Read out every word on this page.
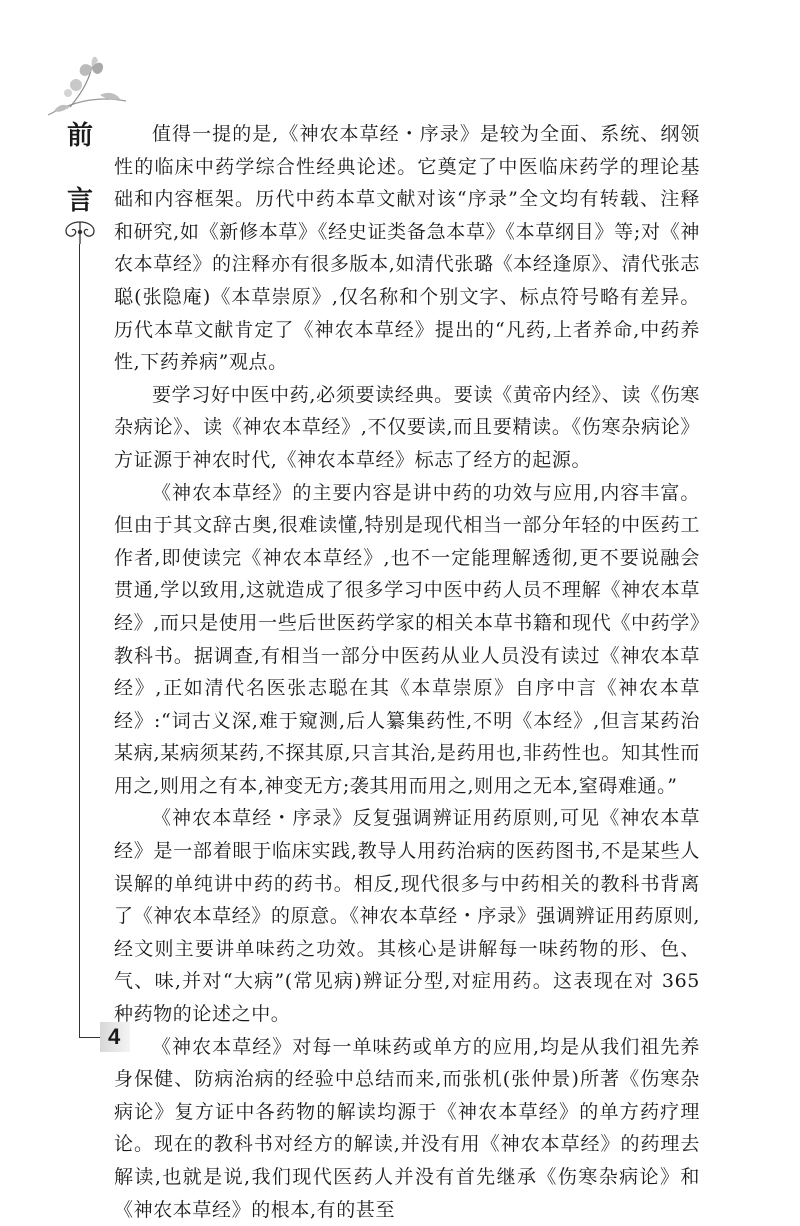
前
言
4

值得一提的是,《神农本草经・序录》是较为全面、系统、纲领性的临床中药学综合性经典论述。它奠定了中医临床药学的理论基础和内容框架。历代中药本草文献对该“序录”全文均有转载、注释和研究,如《新修本草》《经史证类备急本草》《本草纲目》等;对《神农本草经》的注释亦有很多版本,如清代张璐《本经逢原》、清代张志聪(张隐庵)《本草崇原》,仅名称和个别文字、标点符号略有差异。历代本草文献肯定了《神农本草经》提出的“凡药,上者养命,中药养性,下药养病”观点。

要学习好中医中药,必须要读经典。要读《黄帝内经》、读《伤寒杂病论》、读《神农本草经》,不仅要读,而且要精读。《伤寒杂病论》方证源于神农时代,《神农本草经》标志了经方的起源。

《神农本草经》的主要内容是讲中药的功效与应用,内容丰富。但由于其文辞古奥,很难读懂,特别是现代相当一部分年轻的中医药工作者,即使读完《神农本草经》,也不一定能理解透彻,更不要说融会贯通,学以致用,这就造成了很多学习中医中药人员不理解《神农本草经》,而只是使用一些后世医药学家的相关本草书籍和现代《中药学》教科书。据调查,有相当一部分中医药从业人员没有读过《神农本草经》,正如清代名医张志聪在其《本草崇原》自序中言《神农本草经》:“词古义深,难于窥测,后人纂集药性,不明《本经》,但言某药治某病,某病须某药,不探其原,只言其治,是药用也,非药性也。知其性而用之,则用之有本,神变无方;袭其用而用之,则用之无本,窒碍难通。”

《神农本草经・序录》反复强调辨证用药原则,可见《神农本草经》是一部着眼于临床实践,教导人用药治病的医药图书,不是某些人误解的单纯讲中药的药书。相反,现代很多与中药相关的教科书背离了《神农本草经》的原意。《神农本草经・序录》强调辨证用药原则,经文则主要讲单味药之功效。其核心是讲解每一味药物的形、色、气、味,并对“大病”(常见病)辨证分型,对症用药。这表现在对 365 种药物的论述之中。

《神农本草经》对每一单味药或单方的应用,均是从我们祖先养身保健、防病治病的经验中总结而来,而张机(张仲景)所著《伤寒杂病论》复方证中各药物的解读均源于《神农本草经》的单方药疗理论。现在的教科书对经方的解读,并没有用《神农本草经》的药理去解读,也就是说,我们现代医药人并没有首先继承《伤寒杂病论》和《神农本草经》的根本,有的甚至
